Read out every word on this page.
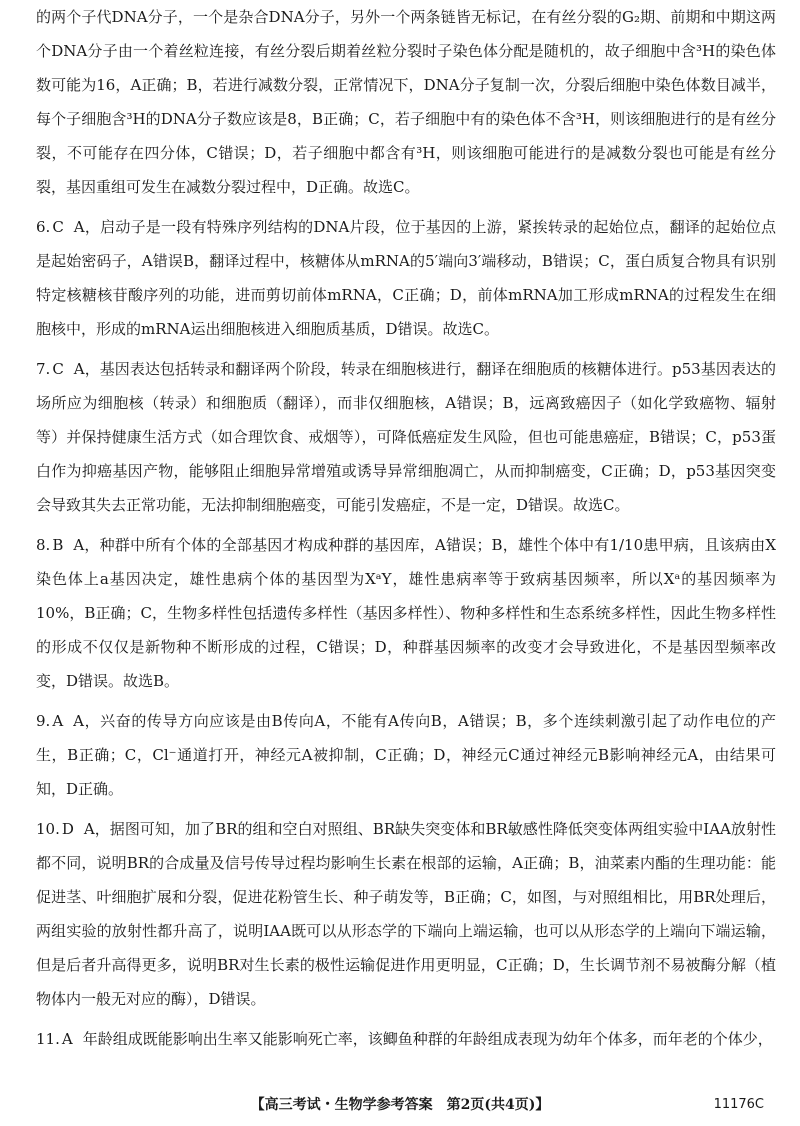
的两个子代DNA分子，一个是杂合DNA分子，另外一个两条链皆无标记，在有丝分裂的G₂期、前期和中期这两个DNA分子由一个着丝粒连接，有丝分裂后期着丝粒分裂时子染色体分配是随机的，故子细胞中含³H的染色体数可能为16，A正确；B，若进行减数分裂，正常情况下，DNA分子复制一次，分裂后细胞中染色体数目减半，每个子细胞含³H的DNA分子数应该是8，B正确；C，若子细胞中有的染色体不含³H，则该细胞进行的是有丝分裂，不可能存在四分体，C错误；D，若子细胞中都含有³H，则该细胞可能进行的是减数分裂也可能是有丝分裂，基因重组可发生在减数分裂过程中，D正确。故选C。

6. C A，启动子是一段有特殊序列结构的DNA片段，位于基因的上游，紧挨转录的起始位点，翻译的起始位点是起始密码子，A错误B，翻译过程中，核糖体从mRNA的5′端向3′端移动，B错误；C，蛋白质复合物具有识别特定核糖核苷酸序列的功能，进而剪切前体mRNA，C正确；D，前体mRNA加工形成mRNA的过程发生在细胞核中，形成的mRNA运出细胞核进入细胞质基质，D错误。故选C。

7. C A，基因表达包括转录和翻译两个阶段，转录在细胞核进行，翻译在细胞质的核糖体进行。p53基因表达的场所应为细胞核（转录）和细胞质（翻译），而非仅细胞核，A错误；B，远离致癌因子（如化学致癌物、辐射等）并保持健康生活方式（如合理饮食、戒烟等），可降低癌症发生风险，但也可能患癌症，B错误；C，p53蛋白作为抑癌基因产物，能够阻止细胞异常增殖或诱导异常细胞凋亡，从而抑制癌变，C正确；D，p53基因突变会导致其失去正常功能，无法抑制细胞癌变，可能引发癌症，不是一定，D错误。故选C。

8. B A，种群中所有个体的全部基因才构成种群的基因库，A错误；B，雄性个体中有1/10患甲病，且该病由X染色体上a基因决定，雄性患病个体的基因型为XᵃY，雄性患病率等于致病基因频率，所以Xᵃ的基因频率为10%，B正确；C，生物多样性包括遗传多样性（基因多样性）、物种多样性和生态系统多样性，因此生物多样性的形成不仅仅是新物种不断形成的过程，C错误；D，种群基因频率的改变才会导致进化，不是基因型频率改变，D错误。故选B。

9. A A，兴奋的传导方向应该是由B传向A，不能有A传向B，A错误；B，多个连续刺激引起了动作电位的产生，B正确；C，Cl⁻通道打开，神经元A被抑制，C正确；D，神经元C通过神经元B影响神经元A，由结果可知，D正确。

10. D A，据图可知，加了BR的组和空白对照组、BR缺失突变体和BR敏感性降低突变体两组实验中IAA放射性都不同，说明BR的合成量及信号传导过程均影响生长素在根部的运输，A正确；B，油菜素内酯的生理功能：能促进茎、叶细胞扩展和分裂，促进花粉管生长、种子萌发等，B正确；C，如图，与对照组相比，用BR处理后，两组实验的放射性都升高了，说明IAA既可以从形态学的下端向上端运输，也可以从形态学的上端向下端运输，但是后者升高得更多，说明BR对生长素的极性运输促进作用更明显，C正确；D，生长调节剂不易被酶分解（植物体内一般无对应的酶），D错误。

11. A 年龄组成既能影响出生率又能影响死亡率，该鲫鱼种群的年龄组成表现为幼年个体多，而年老的个体少，

【高三考试・生物学参考答案　第2页(共4页)】	11176C
